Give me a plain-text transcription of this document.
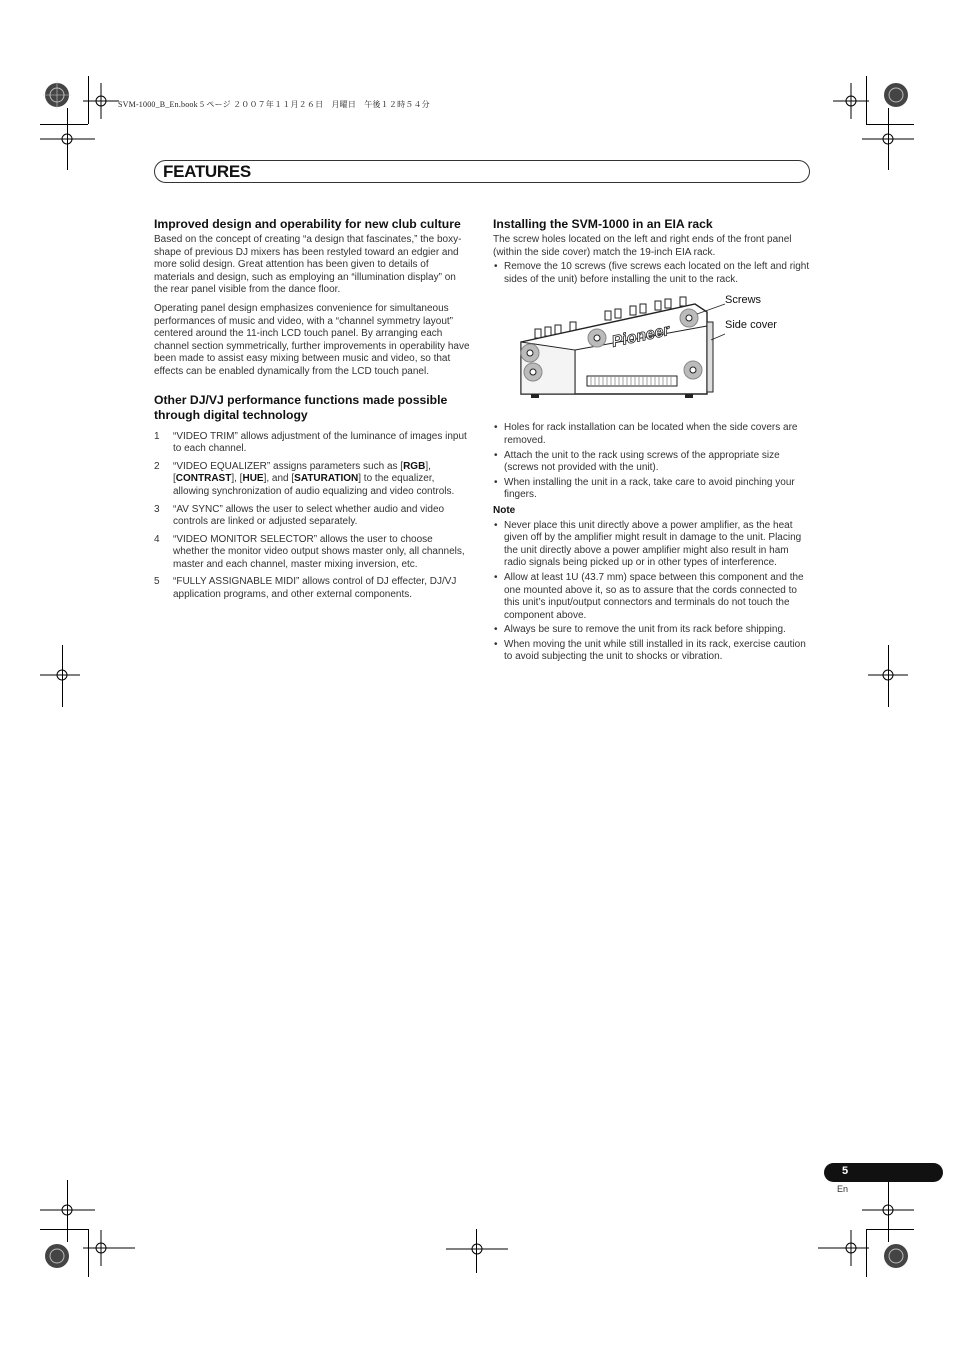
SVM-1000_B_En.book 5 ページ ２００７年１１月２６日　月曜日　午後１２時５４分
FEATURES
Improved design and operability for new club culture

Based on the concept of creating “a design that fascinates,” the boxy-shape of previous DJ mixers has been restyled toward an edgier and more solid design. Great attention has been given to details of materials and design, such as employing an “illumination display” on the rear panel visible from the dance floor.

Operating panel design emphasizes convenience for simultaneous performances of music and video, with a “channel symmetry layout” centered around the 11-inch LCD touch panel. By arranging each channel section symmetrically, further improvements in operability have been made to assist easy mixing between music and video, so that effects can be enabled dynamically from the LCD touch panel.

Other DJ/VJ performance functions made possible through digital technology
1 “VIDEO TRIM” allows adjustment of the luminance of images input to each channel.
2 “VIDEO EQUALIZER” assigns parameters such as [RGB], [CONTRAST], [HUE], and [SATURATION] to the equalizer, allowing synchronization of audio equalizing and video controls.
3 “AV SYNC” allows the user to select whether audio and video controls are linked or adjusted separately.
4 “VIDEO MONITOR SELECTOR” allows the user to choose whether the monitor video output shows master only, all channels, master and each channel, master mixing inversion, etc.
5 “FULLY ASSIGNABLE MIDI” allows control of DJ effecter, DJ/VJ application programs, and other external components.
Installing the SVM-1000 in an EIA rack

The screw holes located on the left and right ends of the front panel (within the side cover) match the 19-inch EIA rack.

• Remove the 10 screws (five screws each located on the left and right sides of the unit) before installing the unit to the rack.
Pioneer
Screws
Side cover
• Holes for rack installation can be located when the side covers are removed.
• Attach the unit to the rack using screws of the appropriate size (screws not provided with the unit).
• When installing the unit in a rack, take care to avoid pinching your fingers.
Note
• Never place this unit directly above a power amplifier, as the heat given off by the amplifier might result in damage to the unit. Placing the unit directly above a power amplifier might also result in ham radio signals being picked up or in other types of interference.
• Allow at least 1U (43.7 mm) space between this component and the one mounted above it, so as to assure that the cords connected to this unit’s input/output connectors and terminals do not touch the component above.
• Always be sure to remove the unit from its rack before shipping.
• When moving the unit while still installed in its rack, exercise caution to avoid subjecting the unit to shocks or vibration.
5
En
